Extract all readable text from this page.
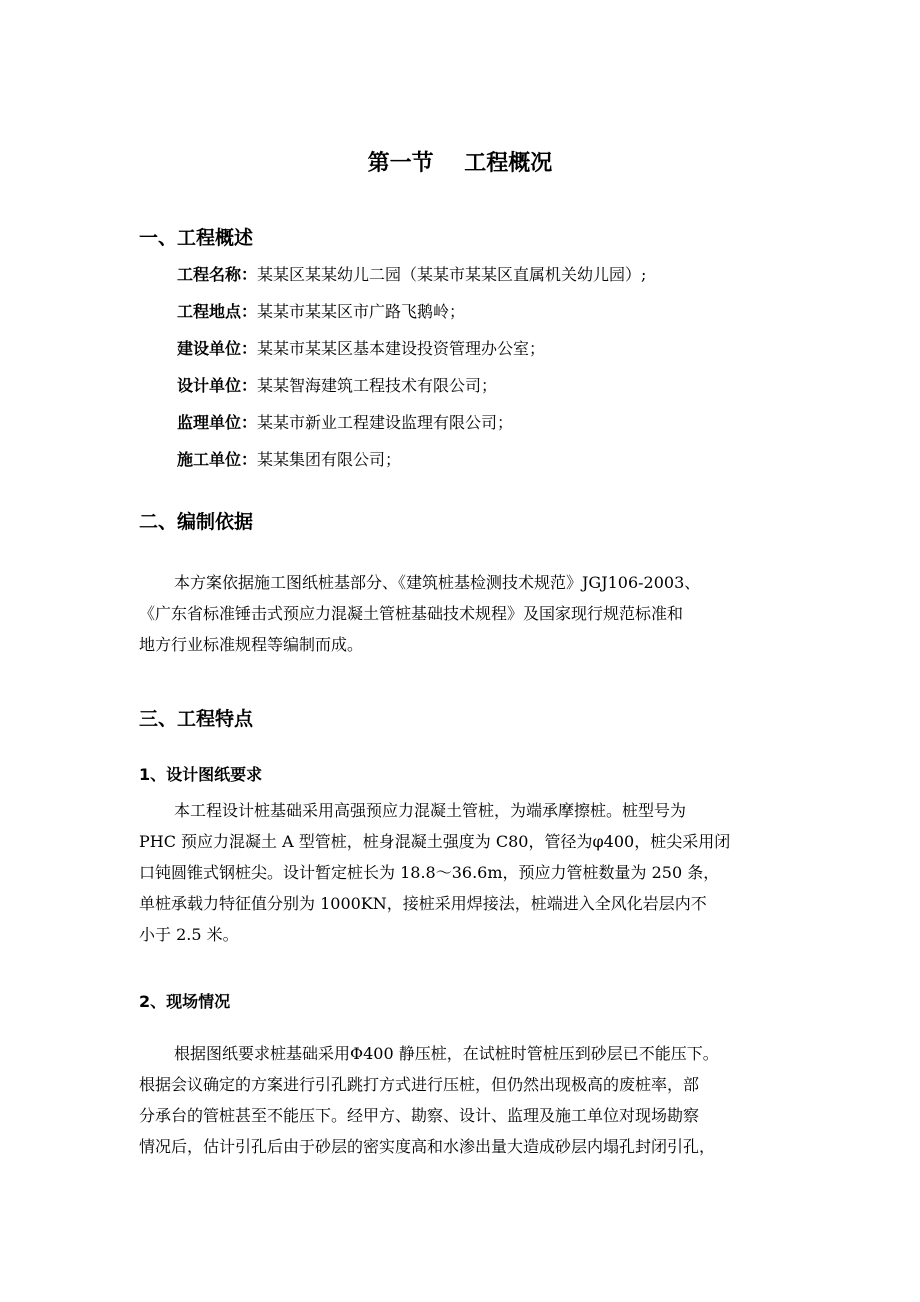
第一节    工程概况
一、工程概述
工程名称：某某区某某幼儿二园（某某市某某区直属机关幼儿园）;
工程地点：某某市某某区市广路飞鹅岭；
建设单位：某某市某某区基本建设投资管理办公室；
设计单位：某某智海建筑工程技术有限公司；
监理单位：某某市新业工程建设监理有限公司；
施工单位：某某集团有限公司；
二、编制依据

本方案依据施工图纸桩基部分、《建筑桩基检测技术规范》JGJ106-2003、
《广东省标准锤击式预应力混凝土管桩基础技术规程》及国家现行规范标准和
地方行业标准规程等编制而成。

三、工程特点
1、设计图纸要求

本工程设计桩基础采用高强预应力混凝土管桩，为端承摩擦桩。桩型号为
PHC 预应力混凝土 A 型管桩，桩身混凝土强度为 C80，管径为φ400，桩尖采用闭
口钝圆锥式钢桩尖。设计暂定桩长为 18.8～36.6m，预应力管桩数量为 250 条，
单桩承载力特征值分别为 1000KN，接桩采用焊接法，桩端进入全风化岩层内不
小于 2.5 米。

2、现场情况

根据图纸要求桩基础采用Φ400 静压桩，在试桩时管桩压到砂层已不能压下。
根据会议确定的方案进行引孔跳打方式进行压桩，但仍然出现极高的废桩率，部
分承台的管桩甚至不能压下。经甲方、勘察、设计、监理及施工单位对现场勘察
情况后，估计引孔后由于砂层的密实度高和水渗出量大造成砂层内塌孔封闭引孔，
